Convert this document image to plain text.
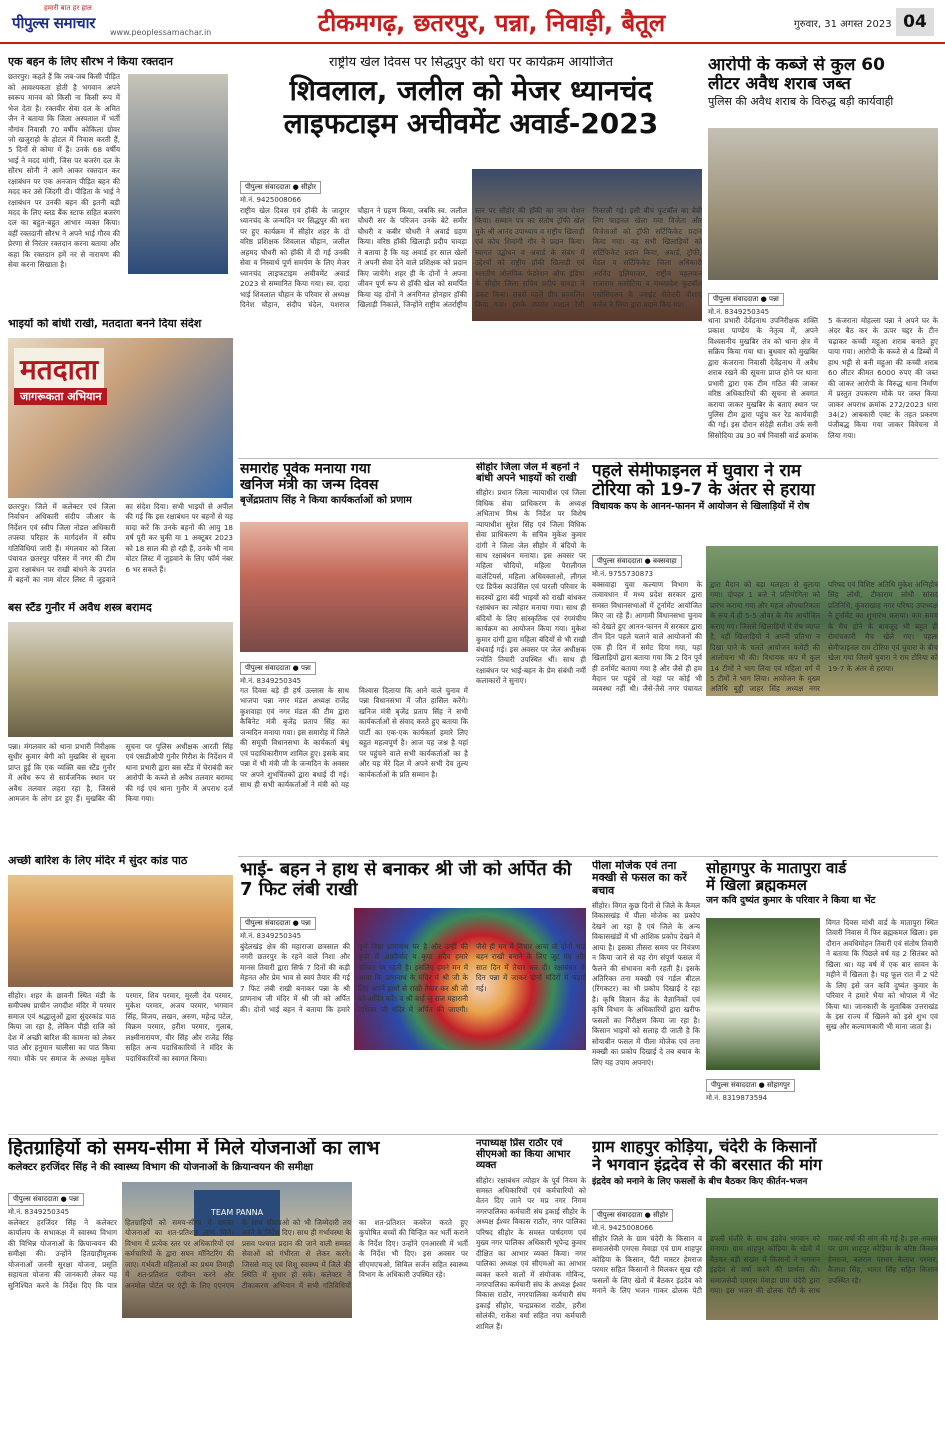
हमारी बात हर हाल
पीपुल्स समाचार
www.peoplessamachar.in	टीकमगढ़, छतरपुर, पन्ना, निवाड़ी, बैतूल	गुरुवार, 31 अगस्त 2023 04
एक बहन के लिए सौरभ ने किया रक्तदान
छतरपुर। कहते हैं कि जब-जब किसी पीड़ित को आवश्यकता होती है भगवान अपने स्वरूप मानव को किसी ना किसी रूप में भेज देता है। रक्तवीर सेवा दल के अमित जैन ने बताया कि जिला अस्पताल में भर्ती नौगांव निवासी 70 वर्षीय कोकिला ग्रोवर जो खजुराहो के होटल में निवास करती हैं, 5 दिनों से कोमा में हैं। उनके 68 वर्षीय भाई ने मदद मांगी, जिस पर बजरंग दल के सौरभ सोनी ने आगे आकर रक्तदान कर रक्षाबंधन पर एक अनजान पीड़ित बहन की मदद कर उसे जिंदगी दी। पीड़िता के भाई ने रक्षाबंधन पर उनकी बहन की इतनी बड़ी मदद के लिए ब्लड बैंक स्टाफ सहित बजरंग दल का बहुत-बहुत आभार व्यक्त किया। वहीं रक्तदानी सौरभ ने अपने भाई गौरव की प्रेरणा से निरंतर रक्तदान करना बताया और कहा कि रक्तदान हमें नर से नारायण की सेवा करना सिखाता है।
भाइयों को बांधी राखी, मतदाता बनने दिया संदेश
मतदाता
जागरूकता अभियान
छतरपुर। जिले में कलेक्टर एवं जिला निर्वाचन अधिकारी संदीप जीआर के निर्देशन एवं स्वीप जिला नोडल अधिकारी तपस्या परिहार के मार्गदर्शन में स्वीप गतिविधियां जारी हैं। मंगलवार को जिला पंचायत छतरपुर परिसर में नगर की टीम द्वारा रक्षाबंधन पर राखी बांधने के उपरांत में बहनों का नाम वोटर लिस्ट में जुड़वाने का संदेश दिया। सभी भाइयों से अपील की गई कि इस रक्षाबंधन पर बहनों से यह वादा करें कि उनके बहनों की आयु 18 वर्ष पूरी कर चुकी या 1 अक्टूबर 2023 को 18 साल की हो रही हैं, उनके भी नाम वोटर लिस्ट में जुड़वाने के लिए फॉर्म नंबर 6 भर सकते हैं।
बस स्टैंड गुनौर में अवैध शस्त्र बरामद
पन्ना। मंगलवार को थाना प्रभारी निरीक्षक सुधीर कुमार बेगी को मुखबिर से सूचना प्राप्त हुई कि एक व्यक्ति बस स्टैंड गुनौर में अवैध रूप से सार्वजनिक स्थान पर अवैध तलवार लहरा रहा है, जिससे आमजन के लोग डर हुए हैं। मुखबिर की सूचना पर पुलिस अधीक्षक आरती सिंह एवं एसडीओपी गुनौर गिरीश के निर्देशन में थाना प्रभारी द्वारा बस स्टैंड में घेराबंदी कर आरोपी के कब्जे से अवैध तलवार बरामद की गई एवं थाना गुनौर में अपराध दर्ज किया गया।
अच्छी बारिश के लिए मंदिर में सुंदर कांड पाठ
सीहोर। शहर के छावनी स्थित मंडी के समीपस्थ प्राचीन जगदीश मंदिर में परमार समाज एवं श्रद्धालुओं द्वारा सुंदरकांड पाठ किया जा रहा है, लेकिन पीड़ी राजि को देश में अच्छी बारिश की कामना को लेकर पाठ और हनुमान चालीसा का पाठ किया गया। मौके पर समाज के अध्यक्ष मुकेश परमार, शिव परमार, मुरली देव परमार, मुकेश परमार, अजय परमार, भगवान सिंह, विजय, लखन, अरुण, महेन्द्र पटेल, विक्रम परमार, हरीश परमार, गुलाब, लक्ष्मीनारायण, वीर सिंह और राजेंद्र सिंह सहित अन्य पदाधिकारियों ने मंदिर के पदाधिकारियों का स्वागत किया।
राष्ट्रीय खेल दिवस पर सिद्धपुर की धरा पर कार्यक्रम आयोजित
शिवलाल, जलील को मेजर ध्यानचंद
लाइफटाइम अचीवमेंट अवार्ड-2023
पीपुल्स संवाददाता ● सीहोर
मो.नं. 9425008066
राष्ट्रीय खेल दिवस एवं हॉकी के जादूगर ध्यानचंद के जन्मदिन पर सिद्धपुर की धरा पर हुए कार्यक्रम में सीहोर शहर के दो वरिष्ठ प्रशिक्षक शिवलाल चौहान, जलील अहमद चौधरी को हॉकी में दी गई उनकी सेवा व निस्वार्थ पूर्ण समर्पण के लिए मेजर ध्यानचंद लाइफटाइम अचीवमेंट अवार्ड 2023 से सम्मानित किया गया। स्व. दादा भाई शिवलाल चौहान के परिवार से अध्यक्ष दिनेश चौहान, संदीप चंदेल, यशराज चौहान ने ग्रहण किया, जबकि स्व. जलील चौधरी सर के परिजन उनके बेटे समीर चौधरी व कबीर चौधरी ने अवार्ड ग्रहण किया। वरिष्ठ हॉकी खिलाड़ी प्रदीप चावड़ा ने बताया है कि यह अवार्ड हर साल खेलों ने अपनी सेवा देने वाले प्रशिक्षक को प्रदान किए जायेंगे। शहर ही के दोनों ने अपना जीवन पूर्ण रूप से हॉकी खेल को समर्पित किया यह दोनों ने अनगिनत होनहार हॉकी खिलाड़ी निकाले, जिन्होंने राष्ट्रीय अंतर्राष्ट्रीय स्तर पर सीहोर की हॉकी का नाम रोशन किया। सम्मान पत्र का संतोष ट्रॉफी खेल चुके श्री आनंद उपाध्याय व राष्ट्रीय खिलाड़ी एवं कोच शिवांगी गौर ने प्रदान किया। स्वागत उद्बोधन व अवार्ड के संबंध में उद्देश्यों को राष्ट्रीय हॉकी खिलाड़ी एवं भारतीय ओलंपिक फेडरेशन ऑफ इंडिया के सीहोर जिला सचिव प्रदीप चावड़ा ने प्रकट किया। सबसे पहले दीप प्रज्वलित किया गया। इसके उपरांत मशाल रैली निकाली गई। इसी बीच फुटबॉल का बेबी लिग फाइनल खेला गया विजेता और विजेताओं को ट्रॉफी सर्टिफिकेट प्रदान किया गया। वह सभी खिलाड़ियों को सर्टिफिकेट प्रदान किया, अवार्ड, ट्रॉफी, मेडल व सर्टिफिकेट जिला अधिकारी अरविंद इलियाजार, राष्ट्रीय पहलवान राजाराम कसोटिया व मध्यप्रदेश फुटबॉल एसोसिएशन के ज्वाइंट सेक्रेटरी नौशाद कर्नल ने सिया द्वारा प्रदान किए गए।
आरोपी के कब्जे से कुल 60
लीटर अवैध शराब जब्त
पुलिस की अवैध शराब के विरुद्ध बड़ी कार्यवाही
पीपुल्स संवाददाता ● पन्ना
मो.नं. 8349250345
थाना प्रभारी देवेंद्रनाथ उपनिरीक्षक शक्ति प्रकाश पाण्डेय के नेतृत्व में, अपने विश्वसनीय मुखबिर तंत्र को थाना क्षेत्र में सक्रिय किया गया था। बुधवार को मुखबिर द्वारा कंजराना निवासी देवेंद्रनाथ में अवैध शराब रखने की सूचना प्राप्त होने पर थाना प्रभारी द्वारा एक टीम गठित की जाकर वरिष्ठ अधिकारियों की सूचना से अवगत कराया जाकर मुखबिर के बताए स्थान पर पुलिस टीम द्वारा पहुंच कर रेड कार्यवाही की गई। इस दौरान संदेही सतीश उर्फ सनी सिसोदिया उम्र 30 वर्ष निवासी वार्ड क्रमांक 5 कंजराना मोहल्ला पन्ना ने अपने घर के अंदर बैठ कर के ऊपर चद्दर के टीन चढ़ाकर कच्ची महुआ शराब बनाते हुए पाया गया। आरोपी के कब्जे से 4 डिब्बों में हाथ भट्टी से बनी महुआ की कच्ची शराब 60 लीटर कीमत 6000 रुपए की जब्त की जाकर आरोपी के विरुद्ध थाना निर्माण में प्रस्तुत उपकरण मौके पर जब्त किया जाकर अपराध क्रमांक 272/2023 धारा 34(2) आबकारी एक्ट के तहत प्रकरण पंजीबद्ध किया गया जाकर विवेचना में लिया गया।
समारोह पूर्वक मनाया गया
खनिज मंत्री का जन्म दिवस
बृजेंद्रप्रताप सिंह ने किया कार्यकर्ताओं को प्रणाम
पीपुल्स संवाददाता ● पन्ना
मो.नं. 8349250345
गत दिवस बड़े ही हर्ष उल्लास के साथ भाजपा पन्ना नगर मंडल अध्यक्ष राजेंद्र कुशवाहा एवं नगर मंडल की टीम द्वारा कैबिनेट मंत्री बृजेंद्र प्रताप सिंह का जन्मदिन मनाया गया। इस समारोह में जिले की समूची विधानसभा के कार्यकर्ता बंधु एवं पदाधिकारीगण शामिल हुए। इसके बाद पन्ना में भी मंत्री जी के जन्मदिन के अवसर पर अपने शुभचिंतकों द्वारा बधाई दी गई। साथ ही सभी कार्यकर्ताओं ने मंत्री को यह विश्वास दिलाया कि आने वाले चुनाव में पन्ना विधानसभा में जीत हासिल करेंगे। खनिज मंत्री बृजेंद्र प्रताप सिंह ने सभी कार्यकर्ताओं से संवाद करते हुए बताया कि पार्टी का एक-एक कार्यकर्ता हमारे लिए बहुत महत्वपूर्ण है। आज यह जश्न है यहां पर पहुंचने वाले सभी कार्यकर्ताओं का है और यह मेरे दिल में अपने सभी देव तुल्य कार्यकर्ताओं के प्रति सम्मान है।
सीहोर जिला जेल में बहनों ने बांधी अपने भाइयों को राखी
सीहोर। प्रधान जिला न्यायाधीश एवं जिला विधिक सेवा प्राधिकरण के अध्यक्ष अभिताभ मिश्र के निर्देश पर विशेष न्यायाधीश सुरेश सिंह एवं जिला विधिक सेवा प्राधिकरण के सचिव मुकेश कुमार दांगी ने जिला जेल सीहोर में बंदियों के साथ रक्षाबंधन मनाया। इस अवसर पर महिला चौदियो, महिला पैरालीगल वालेटियर्स, महिला अधिवक्ताओं, लीगल एड डिफेंस काउंसिल एवं पारली परिवार के सदस्यों द्वारा बंदी भाइयों को राखी बांधकर रक्षाबंधन का त्योहार मनाया गया। साथ ही बंदियों के लिए सांस्कृतिक एवं रंगमंचीय कार्यक्रम का आयोजन किया गया। मुकेश कुमार दांगी द्वारा महिला बंदियों से भी राखी बंधवाई गई। इस अवसर पर जेल अधीक्षक ज्योति तिवारी उपस्थित थीं। साथ ही रक्षाबंधन पर भाई-बहन के प्रेम संबंधी नर्मी कलाकारों ने सुनाए।
पहले सेमीफाइनल में घुवारा ने राम
टोरिया को 19-7 के अंतर से हराया
विधायक कप के आनन-फानन में आयोजन से खिलाड़ियों में रोष
पीपुल्स संवाददाता ● बक्सवाहा
मो.नं. 9755730873
बक्सवाहा युवा कल्याण विभाग के तत्वावधान में मध्य प्रदेश सरकार द्वारा समस्त विधानसभाओं में टूर्नामेंट आयोजित किए जा रहे हैं। आगामी विधानसभा चुनाव को देखते हुए आनन-फानन में सरकार द्वारा तीन दिन पहले चलाने वाले आयोजनों की एक ही दिन में समेट दिया गया, यहां खिलाड़ियों द्वारा बताया गया कि 2 दिन पूर्व ही ठर्नामेंट बताया गया है और जैसे ही हम मैदान पर पहुंचे तो यहां पर कोई भी व्यवस्था नहीं थी। जैसे-तैसे नगर पंचायत द्वारा मैदान को बड़ा मलहता से बुलाया गया। दोपहर 1 बजे ने प्रतियोगिता को प्रारंभ कराया गया और महज औपचारिकता के रूप में ही 5-5 ओवर के मैच आयोजित कराए गए। जिससे खिलाड़ियों में रोष व्याप्त है, वहीं खिलाड़ियों ने अपनी प्रतिभा न दिखा पाने के चलते आयोजन कमेटी की आलोचना भी की। विधायक कप में कुल 14 टीमों ने भाग लिया एवं महिला वर्ग में 5 टीमों ने भाग लिया। आयोजन के मुख्य अतिथि बुड्डी जाहर सिंह अध्यक्ष नगर परिषद एवं विशिष्ट अतिथि मुकेश अग्निहोत्र सिंह लोधी, टीकाराम लोधी सांसद प्रतिनिधि, कुंवराखाह नगर परिषद उपाध्यक्ष ने टूर्नामेंट का शुभारंभ कराया। कम समय के मैच होने के बावजूद भी बहुत ही रोमांचकारी मैच खेले गए। पहला सेमीफाइनल राम टोरिया एवं घुवारा के बीच खेला गया जिसमें घुवारा ने राम टोरिया को 19-7 के अंतर से हराया।
भाई- बहन ने हाथ से बनाकर श्री जी को अर्पित की 7 फिट लंबी राखी
पीपुल्स संवाददाता ● पन्ना
मो.नं. 8349250345
बुंदेलखंड़ क्षेत्र की महाराजा छत्रसाल की नगरी छतरपुर के रहने वाले निशा और मानस तिवारी द्वारा सिर्फ 7 दिनों की कड़ी मेहनत और प्रेम भाव से स्वयं तैयार की गई 7 फिट लंबी राखी बनाकर पन्ना के श्री प्राणनाथ जी मंदिर में श्री जी को अर्पित की। दोनों भाई बहन ने बताया कि हमारे पूर्ण निष्ठा प्राणनाथ पर है और उन्हीं की कृपा से आशीर्वाद व कृपा सदैव हमारे परिवार पर रहती है। इसलिए हमने मन में आया कि प्राणनाथ के मंदिर में श्री जी के लिए अपने हाथों से राखी तैयार कर श्री जी को अर्पित करें। व श्री बाई जु राज महारानी राधिका जी मंदिर में अर्पित की जाएगी। जैसे ही मन में विचार आया तो दोनों भाई बहन राखी बनाने के लिए जुट गए और सात दिन में तैयार कर दी। रक्षाबंधन के दिन पन्ना में जाकर दोनों मंदिरों में चढ़ाई गई।
पीला मोजेक एवं तना मक्खी से फसल का करें बचाव
सीहोर। विगत कुछ दिनों से जिले के कैमल विकासखंड़ में पीला मोजेक का प्रकोप देखने आ रहा है एवं जिले के अन्य विकासखंडों में भी आंशिक प्रकोप देखने में आया है। इसका तीसरा समय पर नियंत्रण न किया जाने से यह रोग संपूर्ण फसल में फैलने की संभावना बनी रहती है। इसके अतिरिक्त तना मक्खी एवं गर्डल बीटल (रिंगकटर) का भी प्रकोप दिखाई दे रहा है। कृषि विज्ञान केंद्र के वैज्ञानिकों एवं कृषि विभाग के अधिकारियों द्वारा खरीफ फसलों का निरीक्षण किया जा रहा है। किसान भाइयों को सलाह दी जाती है कि सोयाबीन फसल में पीला मोजेक एवं तना मक्खी का प्रकोप दिखाई दे तब बचाव के लिए यह उपाय अपनाएं।
सोहागपुर के मातापुरा वार्ड
में खिला ब्रह्मकमल
जन कवि दुष्यंत कुमार के परिवार ने किया था भेंट
पीपुल्स संवाददाता ● सोहागपुर
मो.नं. 8319873594
विगत दिवस मांथी वार्ड के मातापुरा स्थित तिवारी निवास में फिर ब्रह्मकमल खिला। इस दौरान अवधिमोहन तिवारी एवं संतोष तिवारी ने बताया कि पिछले वर्ष यह 2 सितंबर को खिला था। यह वर्ष में एक बार सावन के महीने में खिलता है। यह फूल रात में 2 घंटे के लिए इसे जन कवि दुष्यंत कुमार के परिवार ने हमारे भैया को भोपाल में भेंट किया था। जानकारी के मुताबिक उत्तराखंड के इस राज्य में खिलने को इसे शुभ एवं सुख और कल्याणकारी भी माना जाता है।
हितग्राहियों को समय-सीमा में मिले योजनाओं का लाभ
कलेक्टर हरजिंदर सिंह ने की स्वास्थ्य विभाग की योजनाओं के क्रियान्वयन की समीक्षा
पीपुल्स संवाददाता ● पन्ना
मो.नं. 8349250345	TEAM PANNA
कलेक्टर हरजिंदर सिंह ने कलेक्टर कार्यालय के सभाकक्ष में स्वास्थ्य विभाग की विभिन्न योजनाओं के क्रियान्वयन की समीक्षा की। उन्होंने हितग्राहीमूलक योजनाओं जननी सुरक्षा योजना, प्रसूति सहायता योजना की जानकारी लेकर यह सुनिश्चित करने के निर्देश दिए कि पात्र हितग्राहियों को समय-सीमा में समस्त योजनाओं का शत-प्रतिशत लाभ मिले। विभाग में प्रत्येक स्तर पर अधिकारियों एवं कर्मचारियों के द्वारा सघन मॉनिटरिंग की जाए। गर्भवती महिलाओं का प्रथम तिमाही में शत-प्रतिशत पंजीयन करने और अनमोल पोर्टल पर एंट्री के लिए एएनएम के साथ सीएचओ को भी जिम्मेदारी तय करने के निर्देश दिए। साथ ही गर्भावस्था के प्रसव पश्चात प्रदान की जाने वाली समस्त सेवाओं को गंभीरता से लेकर करने। जिससे मातृ एवं शिशु स्वास्थ्य में जिले की स्थिति में सुधार हो सके। कलेक्टर ने टीकाकरण अभियान में सभी गतिविधियों का शत-प्रतिशत कवरेज करते हुए कुपोषित बच्चों की चिन्हित कर भर्ती कराने के निर्देश दिए। उन्होंने एनआरसी में भर्ती के निर्देश भी दिए। इस अवसर पर सीएमएचओ, सिविल सर्जन सहित स्वास्थ्य विभाग के अधिकारी उपस्थित रहे।
नपाध्यक्ष प्रिंस राठौर एवं सीएमओ का किया आभार व्यक्त
सीहोर। रक्षाबंधन त्योहार के पूर्व नियम के समस्त अधिकारियों एवं कर्मचारियों को वेतन दिए जाने पर मप्र नगर निगम नगरपालिका कर्मचारी संघ इकाई सीहोर के अध्यक्ष ईश्वर विकास राठौर, नगर पालिका परिषद सीहोर के समस्त पार्षदगण एवं मुख्य नगर पालिका अधिकारी भूपेन्द्र कुमार दीक्षित का आभार व्यक्त किया। नगर पालिका अध्यक्ष एवं सीएमओ का आभार व्यक्त करने वालों में संयोजक गोविन्द, नगरपालिका कर्मचारी संघ के अध्यक्ष ईश्वर विकास राठौर, नगरपालिका कर्मचारी संघ इकाई सीहोर, चन्द्रप्रकाश राठौर, हरीश सोलंकी, राकेश वर्मा सहित नपा कर्मचारी शामिल हैं।
ग्राम शाहपुर कोड़िया, चंदेरी के किसानों
ने भगवान इंद्रदेव से की बरसात की मांग
इंद्रदेव को मनाने के लिए फसलों के बीच बैठकर किए कीर्तन-भजन
पीपुल्स संवाददाता ● सीहोर
मो.नं. 9425008066
सीहोर जिले के ग्राम चंदेरी के किसान व समाजसेवी एमएस मेवाड़ा एवं ग्राम शाहपुर कोड़िया के किसान, पैंटी मास्टर हेमराज परमार सहित किसानों ने मिलकर सूख रही फसलों के लिए खेतों में बैठकर इंद्रदेव को मनाने के लिए भजन गाकर ढोलक पेटी ढपली मंजीरे के साथ इंद्रदेव भगवान को मनाया। ग्राम शाहपुर कोड़िया के खेतों में बैठकर बड़ी संख्या में किसानों ने भगवान इंद्रदेव से वर्षा करने की प्रार्थना की। समाजसेवी एमएस मेवाड़ा ग्राम चंदेरी द्वारा गया। इस भजन की ढोलक पेटी के साथ गाकर वर्षा की मांग की गई है। इस अवसर पर ग्राम शाहपुर कोड़िया के वरिष्ठ किसान हेमराज, बलराम परमार कैलाश परमार, कैलाश सिंह, भारत सिंह सहित किसान उपस्थित रहे।
